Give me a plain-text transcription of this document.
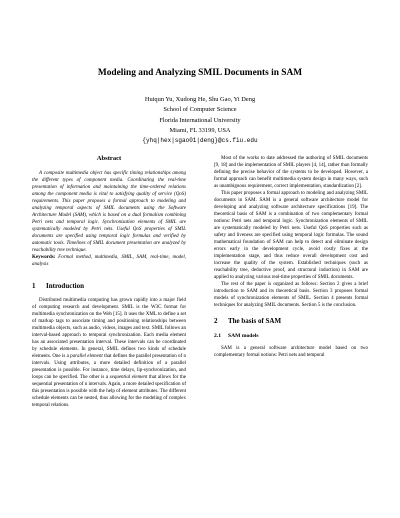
Modeling and Analyzing SMIL Documents in SAM
Huiqun Yu, Xudong He, Shu Gao, Yi Deng
School of Computer Science
Florida International University
Miami, FL 33199, USA
{yhq|hex|sgao01|deng}@cs.fiu.edu

Abstract

A composite multimedia object has specific timing relationships among the different types of component media. Coordinating the real-time presentation of information and maintaining the time-ordered relations among the component media is vital to satisfying quality of service (QoS) requirements. This paper proposes a formal approach to modeling and analyzing temporal aspects of SMIL documents using the Software Architecture Model (SAM), which is based on a dual formalism combining Petri nets and temporal logic. Synchronization elements of SMIL are systematically modeled by Petri nets. Useful QoS properties of SMIL documents are specified using temporal logic formulas and verified by automatic tools. Timelines of SMIL document presentation are analyzed by reachability tree technique.

Keywords: Formal method, multimedia, SMIL, SAM, real-time, model, analysis

1 Introduction

Distributed multimedia computing has grown rapidly into a major field of computing research and development. SMIL is the W3C format for multimedia synchronization on the Web [15]. It uses the XML to define a set of markup tags to associate timing and positioning relationships between multimedia objects, such as audio, videos, images and text. SMIL follows an interval-based approach to temporal synchronization. Each media element has an associated presentation interval. These intervals can be coordinated by schedule elements. In general, SMIL defines two kinds of schedule elements. One is a parallel element that defines the parallel presentation of n intervals. Using attributes, a more detailed definition of a parallel presentation is possible. For instance, time delays, lip-synchronization, and loops can be specified. The other is a sequential element that allows for the sequential presentation of n intervals. Again, a more detailed specification of this presentation is possible with the help of element attributes. The different schedule elements can be nested, thus allowing for the modeling of complex temporal relations.

Most of the works to date addressed the authoring of SMIL documents [9, 18] and the implementation of SMIL players [4, 14], rather than formally defining the precise behavior of the systems to be developed. However, a formal approach can benefit multimedia system design in many ways, such as unambiguous requirement, correct implementation, standardization [2].

This paper proposes a formal approach to modeling and analyzing SMIL documents in SAM. SAM is a general software architecture model for developing and analyzing software architecture specifications [19]. The theoretical basis of SAM is a combination of two complementary formal notions: Petri nets and temporal logic. Synchronization elements of SMIL are systematically modeled by Petri nets. Useful QoS properties such as safety and liveness are specified using temporal logic formulas. The sound mathematical foundation of SAM can help to detect and eliminate design errors early in the development cycle, avoid costly fixes at the implementation stage, and thus reduce overall development cost and increase the quality of the system. Established techniques (such as reachability tree, deductive proof, and structural induction) in SAM are applied to analyzing various real-time properties of SMIL documents.

The rest of the paper is organized as follows: Section 2 gives a brief introduction to SAM and its theoretical basis. Section 3 proposes formal models of synchronization elements of SMIL. Section 4 presents formal techniques for analyzing SMIL documents. Section 5 is the conclusion.

2 The basis of SAM

2.1 SAM models

SAM is a general software architecture model based on two complementary formal notions: Petri nets and temporal
